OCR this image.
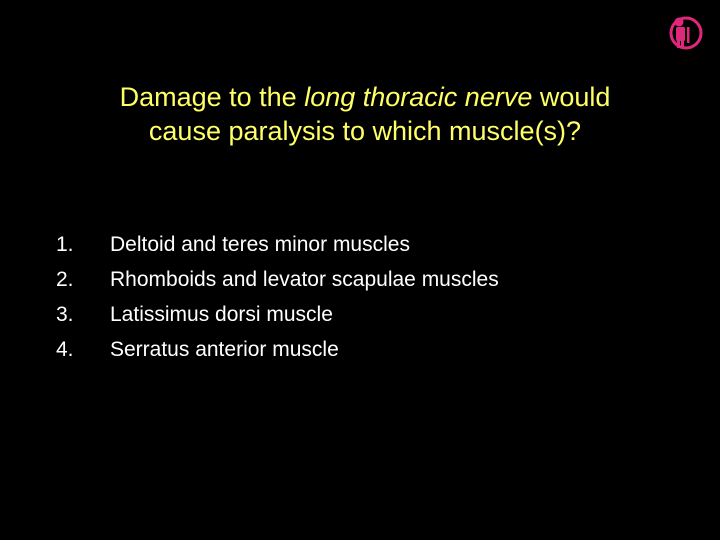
Damage to the long thoracic nerve would
cause paralysis to which muscle(s)?
1.	Deltoid and teres minor muscles
2.	Rhomboids and levator scapulae muscles
3.	Latissimus dorsi muscle
4.	Serratus anterior muscle
